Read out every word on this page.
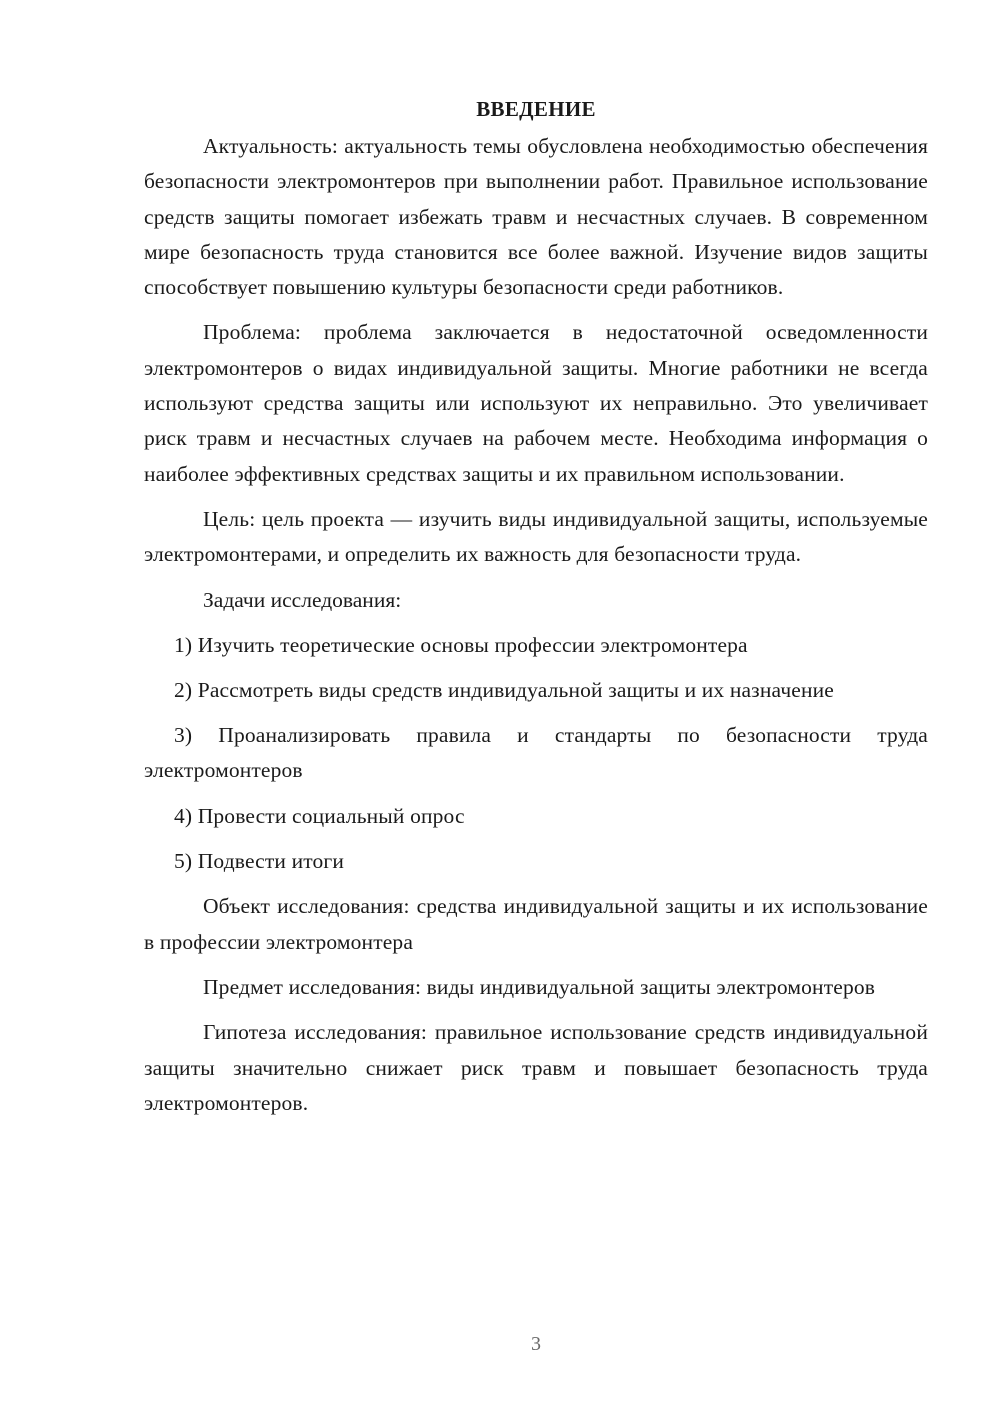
ВВЕДЕНИЕ

Актуальность: актуальность темы обусловлена необходимостью обеспечения безопасности электромонтеров при выполнении работ. Правильное использование средств защиты помогает избежать травм и несчастных случаев. В современном мире безопасность труда становится все более важной. Изучение видов защиты способствует повышению культуры безопасности среди работников.

Проблема: проблема заключается в недостаточной осведомленности электромонтеров о видах индивидуальной защиты. Многие работники не всегда используют средства защиты или используют их неправильно. Это увеличивает риск травм и несчастных случаев на рабочем месте. Необходима информация о наиболее эффективных средствах защиты и их правильном использовании.

Цель: цель проекта — изучить виды индивидуальной защиты, используемые электромонтерами, и определить их важность для безопасности труда.

Задачи исследования:

1) Изучить теоретические основы профессии электромонтера

2) Рассмотреть виды средств индивидуальной защиты и их назначение

3) Проанализировать правила и стандарты по безопасности труда электромонтеров

4) Провести социальный опрос

5) Подвести итоги

Объект исследования: средства индивидуальной защиты и их использование в профессии электромонтера

Предмет исследования: виды индивидуальной защиты электромонтеров

Гипотеза исследования: правильное использование средств индивидуальной защиты значительно снижает риск травм и повышает безопасность труда электромонтеров.

3
